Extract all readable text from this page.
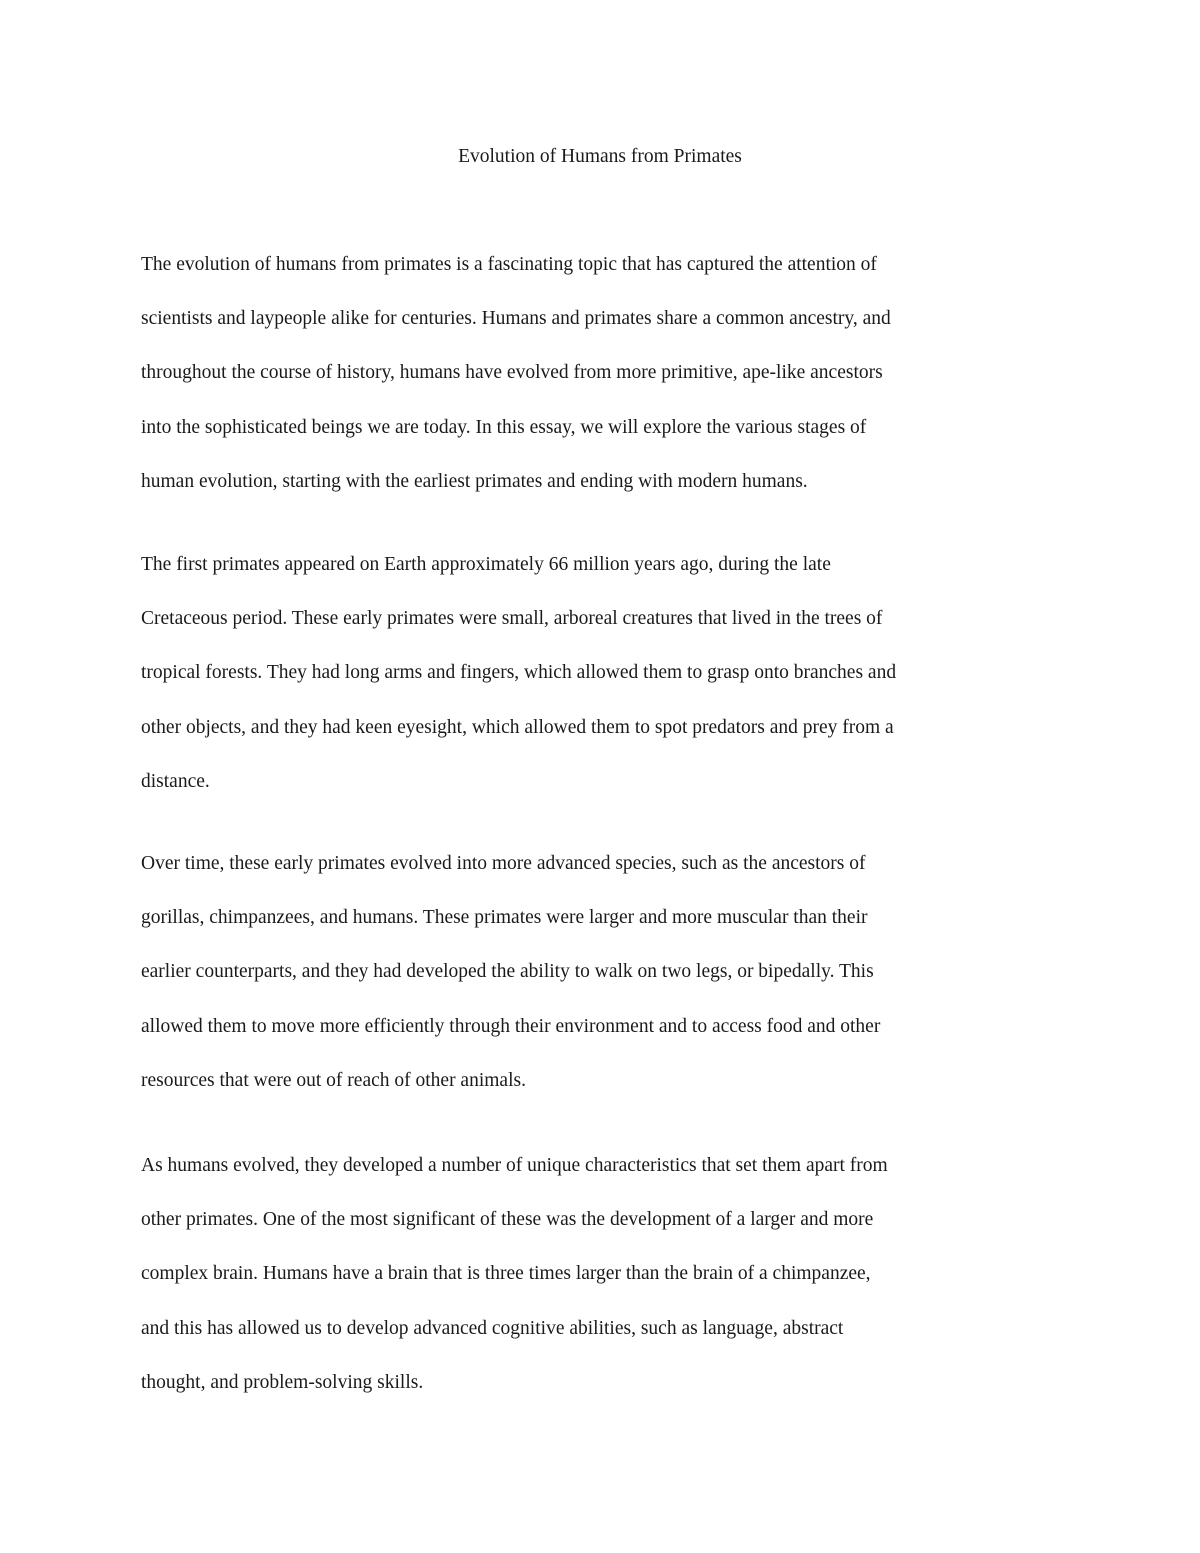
Evolution of Humans from Primates

The evolution of humans from primates is a fascinating topic that has captured the attention of
scientists and laypeople alike for centuries. Humans and primates share a common ancestry, and
throughout the course of history, humans have evolved from more primitive, ape-like ancestors
into the sophisticated beings we are today. In this essay, we will explore the various stages of
human evolution, starting with the earliest primates and ending with modern humans.

The first primates appeared on Earth approximately 66 million years ago, during the late
Cretaceous period. These early primates were small, arboreal creatures that lived in the trees of
tropical forests. They had long arms and fingers, which allowed them to grasp onto branches and
other objects, and they had keen eyesight, which allowed them to spot predators and prey from a
distance.

Over time, these early primates evolved into more advanced species, such as the ancestors of
gorillas, chimpanzees, and humans. These primates were larger and more muscular than their
earlier counterparts, and they had developed the ability to walk on two legs, or bipedally. This
allowed them to move more efficiently through their environment and to access food and other
resources that were out of reach of other animals.

As humans evolved, they developed a number of unique characteristics that set them apart from
other primates. One of the most significant of these was the development of a larger and more
complex brain. Humans have a brain that is three times larger than the brain of a chimpanzee,
and this has allowed us to develop advanced cognitive abilities, such as language, abstract
thought, and problem-solving skills.
